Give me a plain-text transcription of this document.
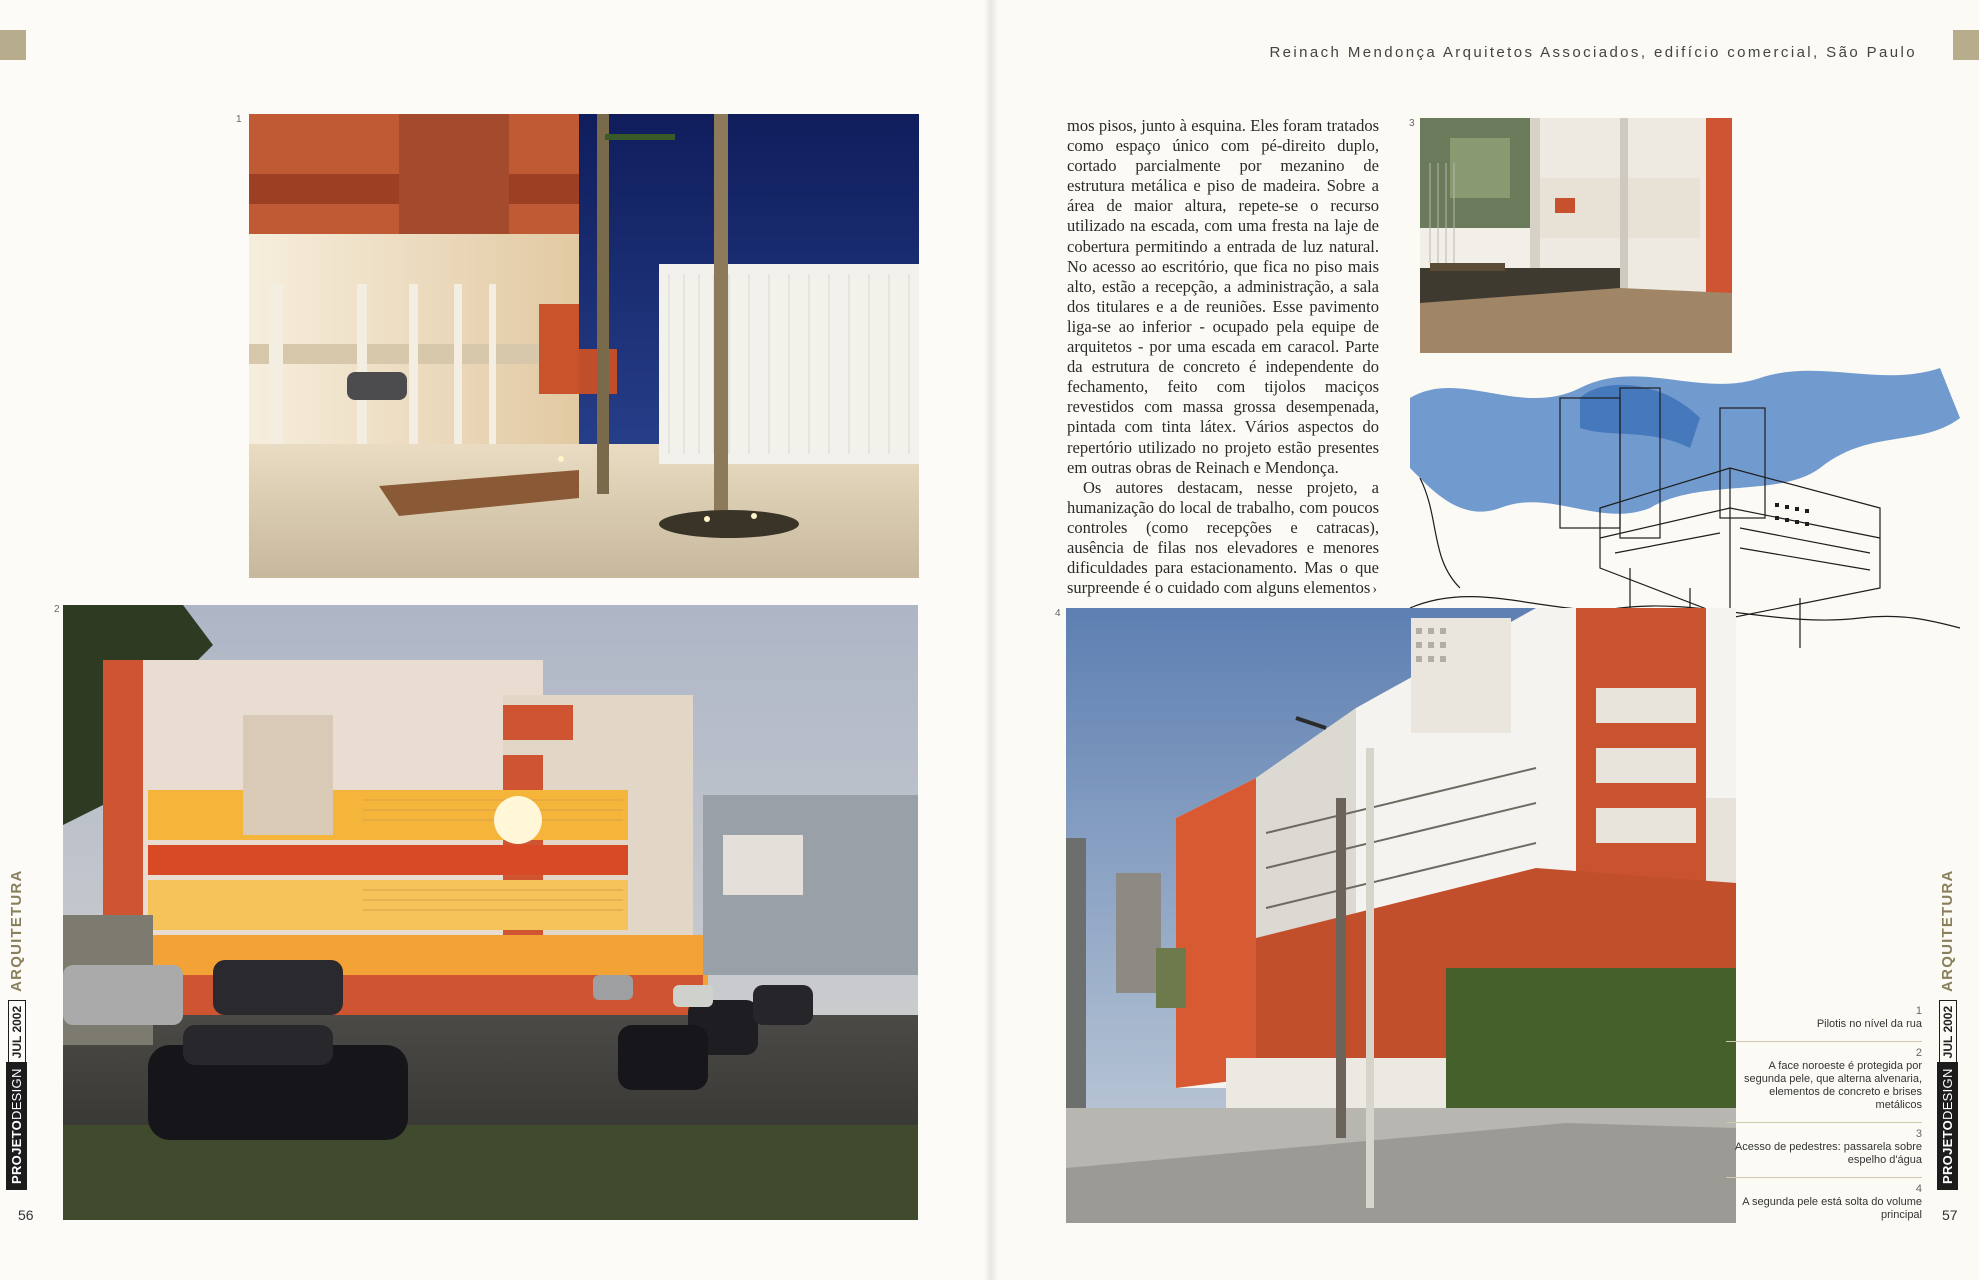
Reinach Mendonça Arquitetos Associados, edifício comercial, São Paulo
1
2
3

mos pisos, junto à esquina. Eles foram tratados como espaço único com pé-direito duplo, cortado parcialmente por mezanino de estrutura metálica e piso de madeira. Sobre a área de maior altura, repete-se o recurso utilizado na escada, com uma fresta na laje de cobertura permitindo a entrada de luz natural. No acesso ao escritório, que fica no piso mais alto, estão a recepção, a administração, a sala dos titulares e a de reuniões. Esse pavimento liga-se ao inferior - ocupado pela equipe de arquitetos - por uma escada em caracol. Parte da estrutura de concreto é independente do fechamento, feito com tijolos maciços revestidos com massa grossa desempenada, pintada com tinta látex. Vários aspectos do repertório utilizado no projeto estão presentes em outras obras de Reinach e Mendonça.

Os autores destacam, nesse projeto, a humanização do local de trabalho, com poucos controles (como recepções e catracas), ausência de filas nos elevadores e menores dificuldades para estacionamento. Mas o que surpreende é o cuidado com alguns elementos ›

4
1
Pilotis no nível da rua
2
A face noroeste é protegida por segunda pele, que alterna alvenaria, elementos de concreto e brises metálicos
3
Acesso de pedestres: passarela sobre espelho d'água
4
A segunda pele está solta do volume principal
PROJETODESIGNJUL 2002ARQUITETURA
PROJETODESIGNJUL 2002ARQUITETURA
56	57
